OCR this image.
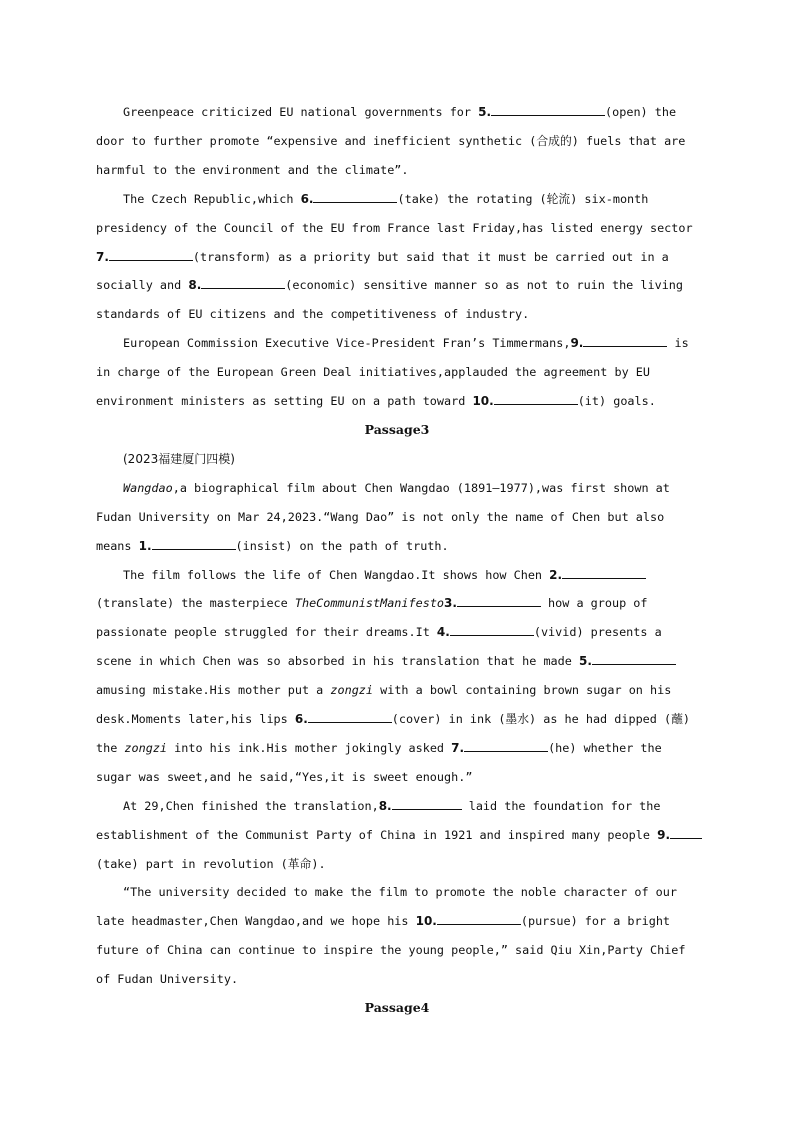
Greenpeace criticized EU national governments for 5.	(open) the
door to further promote “expensive and inefficient synthetic (合成的) fuels that are
harmful to the environment and the climate”.
The Czech Republic,which 6.	(take) the rotating (轮流) six-month
presidency of the Council of the EU from France last Friday,has listed energy sector
7.	(transform) as a priority but said that it must be carried out in a
socially and 8.	(economic) sensitive manner so as not to ruin the living
standards of EU citizens and the competitiveness of industry.
European Commission Executive Vice-President Fran’s Timmermans,9.	is
in charge of the European Green Deal initiatives,applauded the agreement by EU
environment ministers as setting EU on a path toward 10.	(it) goals.
Passage3
(2023福建厦门四模)
Wangdao,a biographical film about Chen Wangdao (1891—1977),was first shown at
Fudan University on Mar 24,2023.“Wang Dao” is not only the name of Chen but also
means 1.	(insist) on the path of truth.
The film follows the life of Chen Wangdao.It shows how Chen 2.
(translate) the masterpiece TheCommunistManifesto3.	how a group of
passionate people struggled for their dreams.It 4.	(vivid) presents a
scene in which Chen was so absorbed in his translation that he made 5.
amusing mistake.His mother put a zongzi with a bowl containing brown sugar on his
desk.Moments later,his lips 6.	(cover) in ink (墨水) as he had dipped (蘸)
the zongzi into his ink.His mother jokingly asked 7.	(he) whether the
sugar was sweet,and he said,“Yes,it is sweet enough.”
At 29,Chen finished the translation,8.	laid the foundation for the
establishment of the Communist Party of China in 1921 and inspired many people 9.
(take) part in revolution (革命).
“The university decided to make the film to promote the noble character of our
late headmaster,Chen Wangdao,and we hope his 10.	(pursue) for a bright
future of China can continue to inspire the young people,” said Qiu Xin,Party Chief
of Fudan University.
Passage4
